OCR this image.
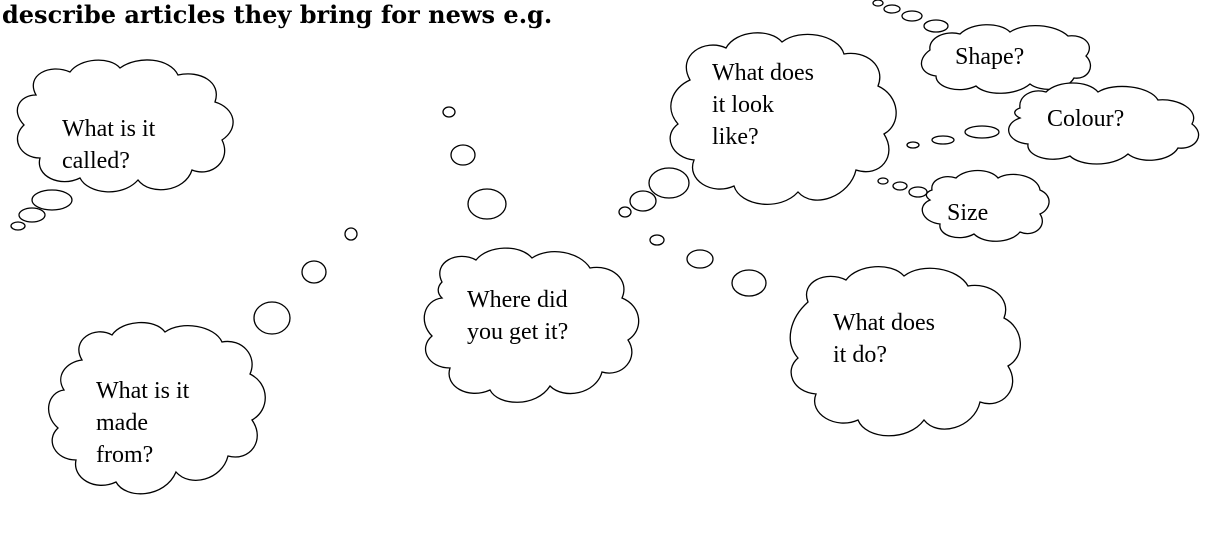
describe articles they bring for news e.g.
What is it
called?
What is it
made
from?
Where did
you get it?
What does
it look
like?
Shape?
Colour?
Size
What does
it do?
